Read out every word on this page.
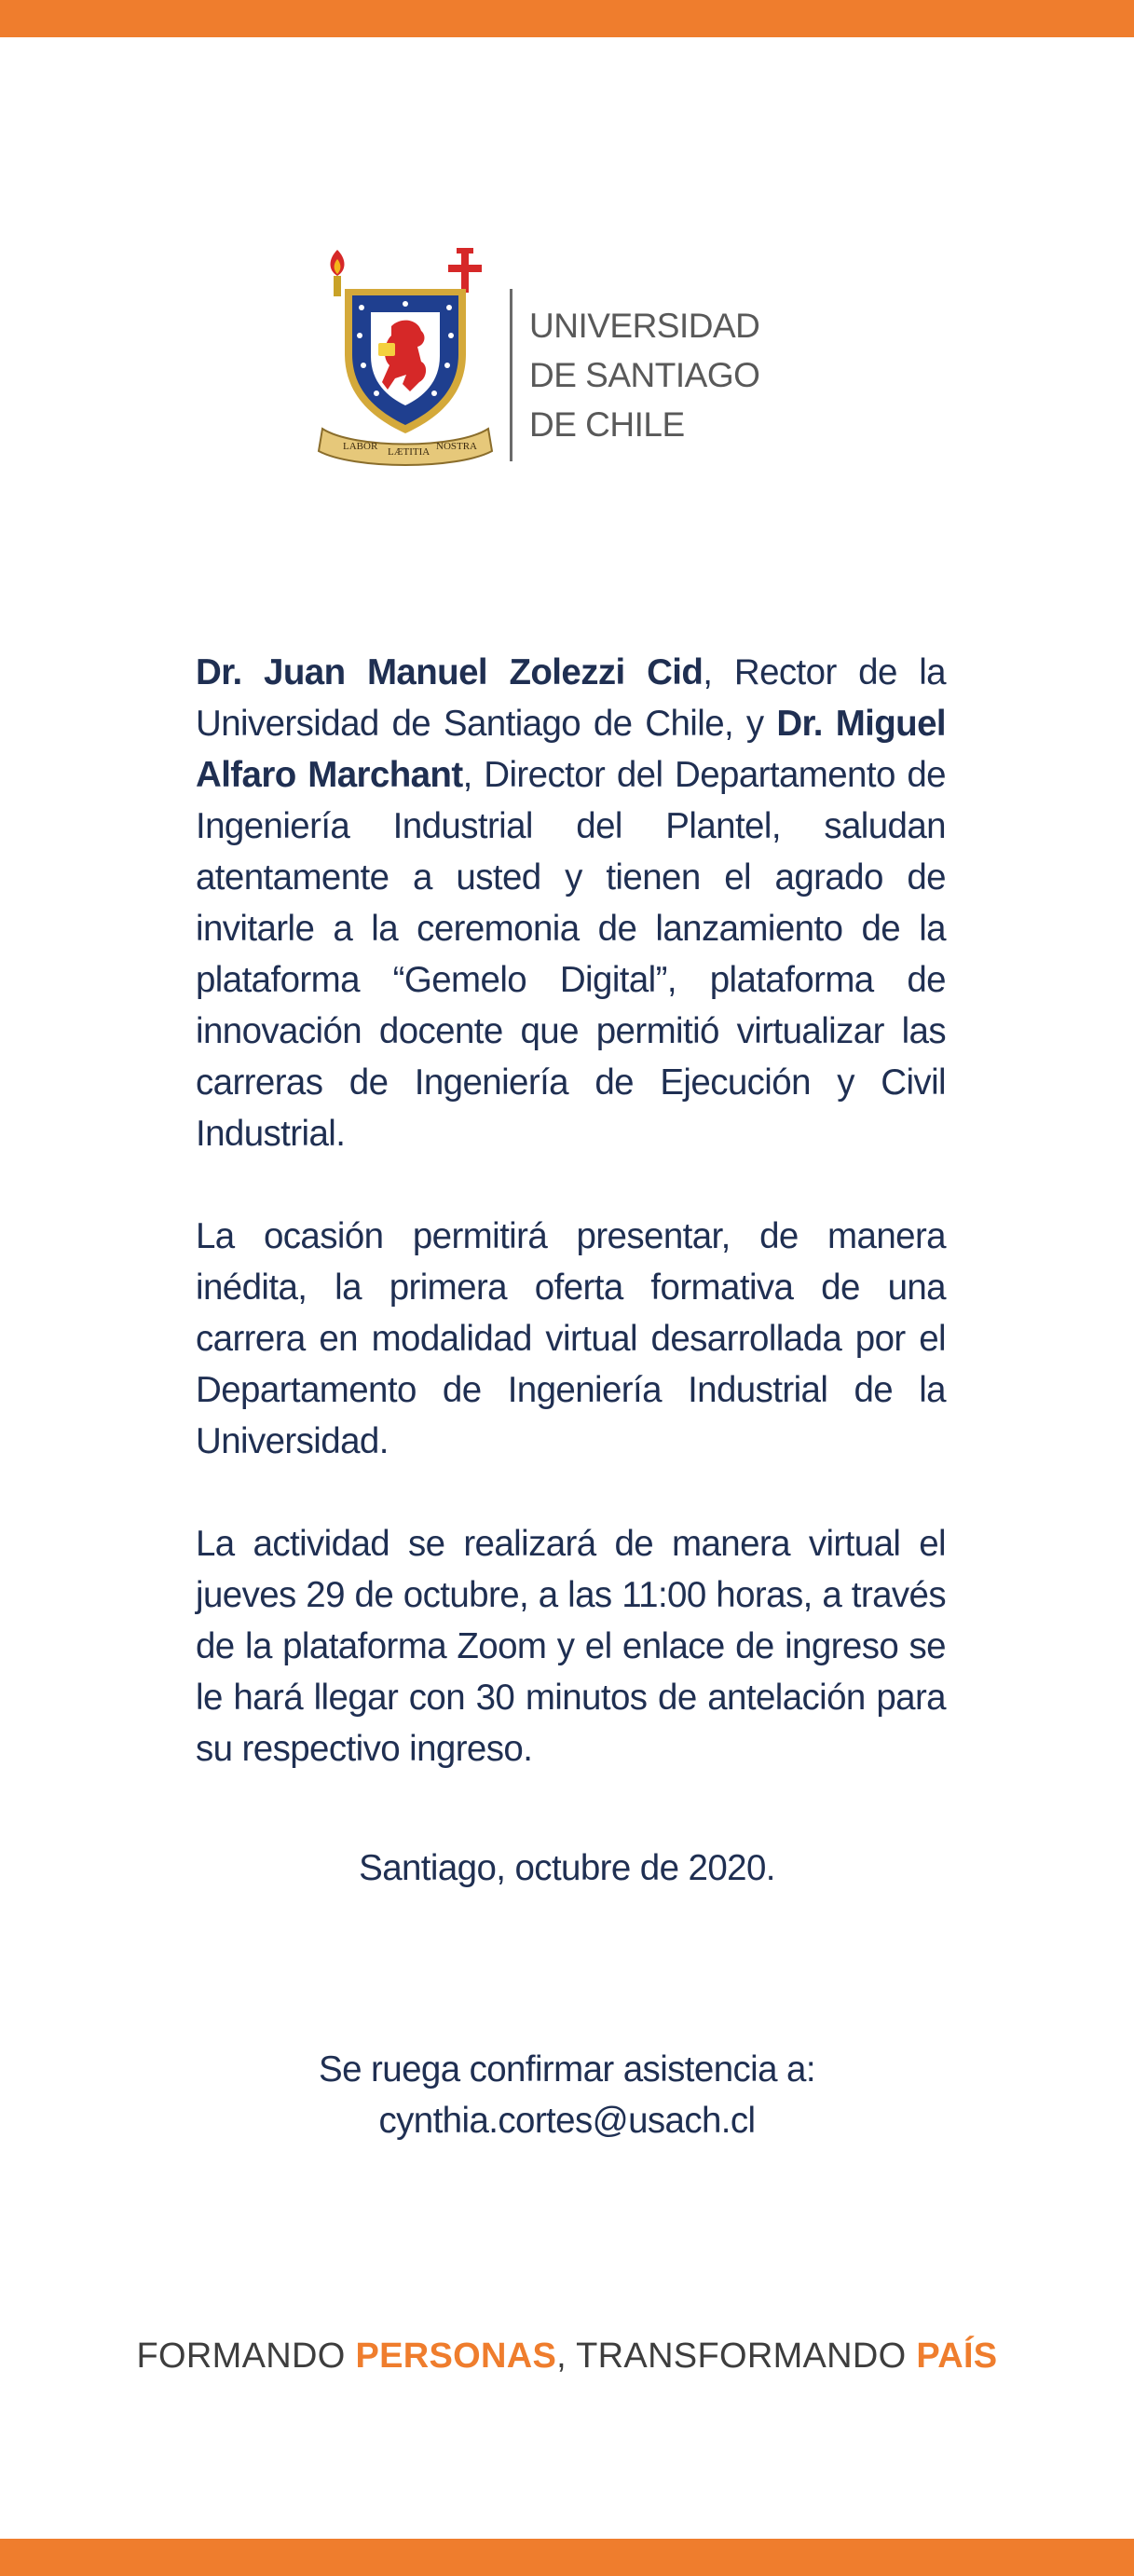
LABOR LÆTITIA NOSTRA
UNIVERSIDAD
DE SANTIAGO
DE CHILE

Dr. Juan Manuel Zolezzi Cid, Rector de la Universidad de Santiago de Chile, y Dr. Miguel Alfaro Marchant, Director del Departamento de Ingeniería Industrial del Plantel, saludan atentamente a usted y tienen el agrado de invitarle a la ceremonia de lanzamiento de la plataforma “Gemelo Digital”, plataforma de innovación docente que permitió virtualizar las carreras de Ingeniería de Ejecución y Civil Industrial.

La ocasión permitirá presentar, de manera inédita, la primera oferta formativa de una carrera en modalidad virtual desarrollada por el Departamento de Ingeniería Industrial de la Universidad.

La actividad se realizará de manera virtual el jueves 29 de octubre, a las 11:00 horas, a través de la plataforma Zoom y el enlace de ingreso se le hará llegar con 30 minutos de antelación para su respectivo ingreso.

Santiago, octubre de 2020.
Se ruega confirmar asistencia a:
cynthia.cortes@usach.cl
FORMANDO PERSONAS, TRANSFORMANDO PAÍS
